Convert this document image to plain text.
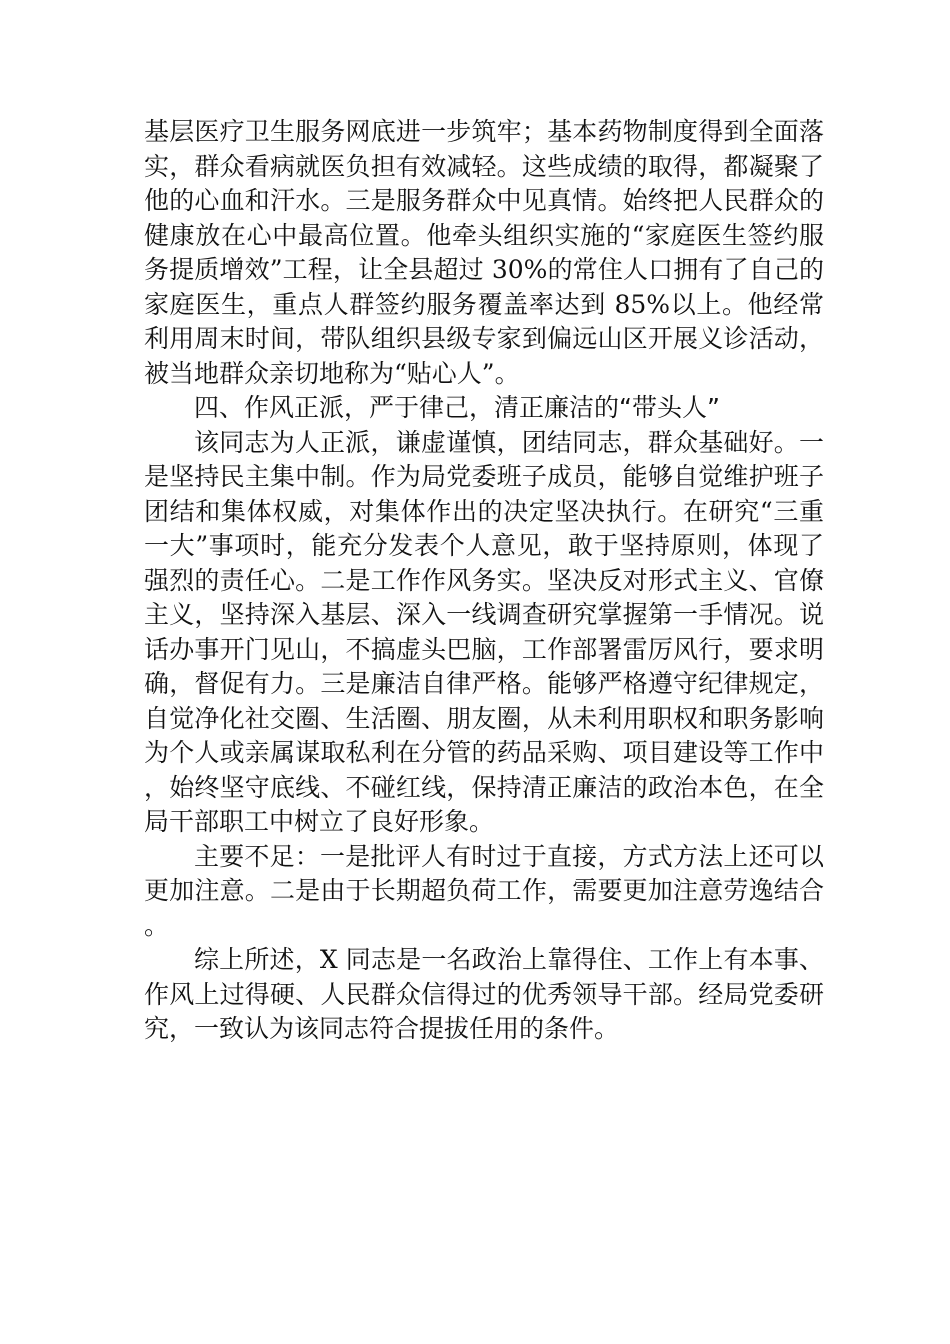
基层医疗卫生服务网底进一步筑牢；基本药物制度得到全面落实，群众看病就医负担有效减轻。这些成绩的取得，都凝聚了他的心血和汗水。三是服务群众中见真情。始终把人民群众的健康放在心中最高位置。他牵头组织实施的“家庭医生签约服务提质增效”工程，让全县超过 30%的常住人口拥有了自己的家庭医生，重点人群签约服务覆盖率达到 85%以上。他经常利用周末时间，带队组织县级专家到偏远山区开展义诊活动，被当地群众亲切地称为“贴心人”。

四、作风正派，严于律己，清正廉洁的“带头人”

该同志为人正派，谦虚谨慎，团结同志，群众基础好。一是坚持民主集中制。作为局党委班子成员，能够自觉维护班子团结和集体权威，对集体作出的决定坚决执行。在研究“三重一大”事项时，能充分发表个人意见，敢于坚持原则，体现了强烈的责任心。二是工作作风务实。坚决反对形式主义、官僚主义，坚持深入基层、深入一线调查研究掌握第一手情况。说话办事开门见山，不搞虚头巴脑，工作部署雷厉风行，要求明确，督促有力。三是廉洁自律严格。能够严格遵守纪律规定，自觉净化社交圈、生活圈、朋友圈，从未利用职权和职务影响为个人或亲属谋取私利在分管的药品采购、项目建设等工作中，始终坚守底线、不碰红线，保持清正廉洁的政治本色，在全局干部职工中树立了良好形象。

主要不足：一是批评人有时过于直接，方式方法上还可以更加注意。二是由于长期超负荷工作，需要更加注意劳逸结合。

综上所述，X 同志是一名政治上靠得住、工作上有本事、作风上过得硬、人民群众信得过的优秀领导干部。经局党委研究，一致认为该同志符合提拔任用的条件。
